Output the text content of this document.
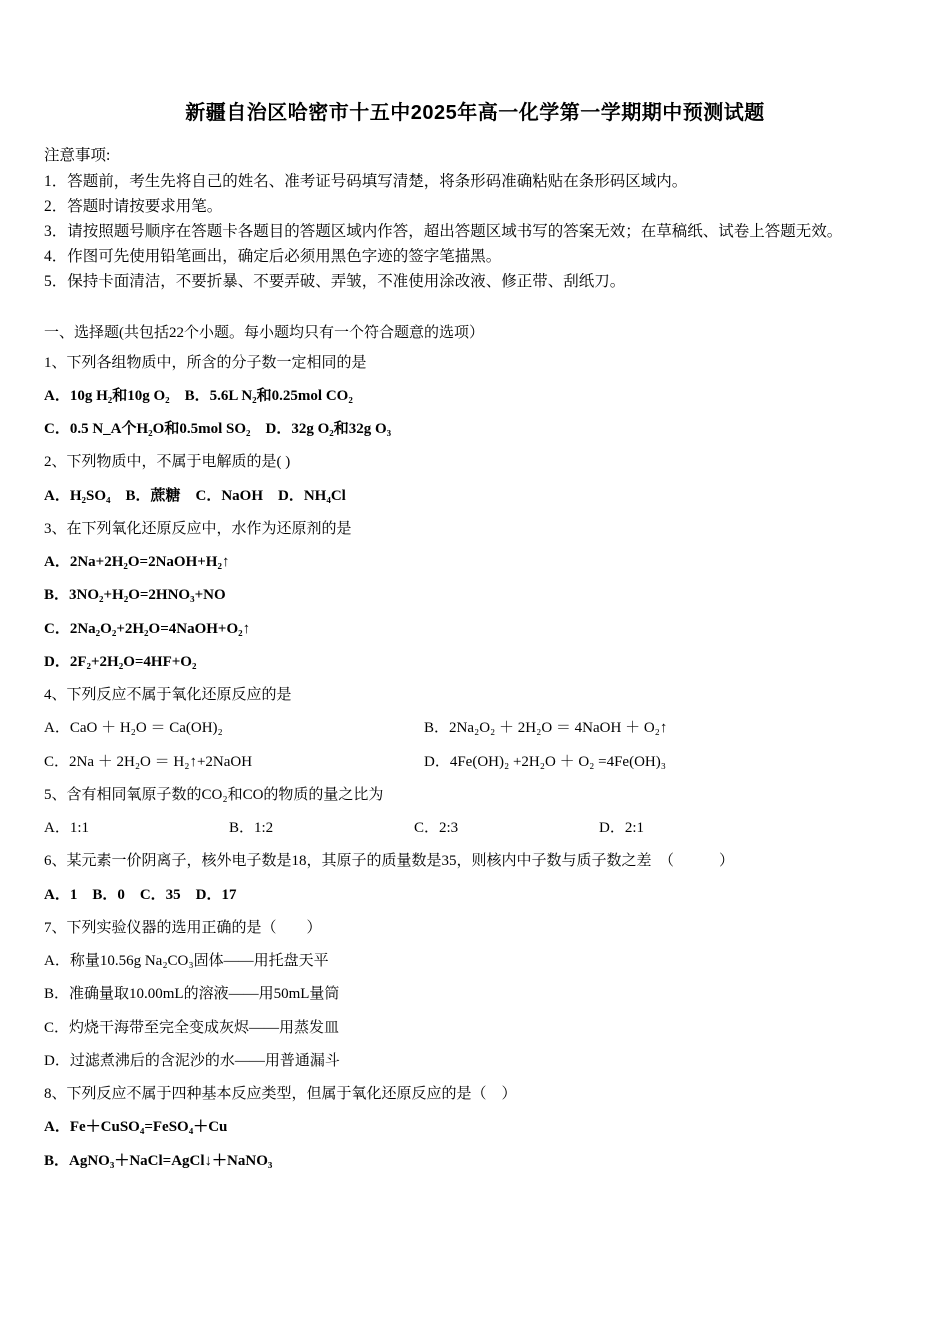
新疆自治区哈密市十五中2025年高一化学第一学期期中预测试题
注意事项:
1．答题前，考生先将自己的姓名、准考证号码填写清楚，将条形码准确粘贴在条形码区域内。
2．答题时请按要求用笔。
3．请按照题号顺序在答题卡各题目的答题区域内作答，超出答题区域书写的答案无效；在草稿纸、试卷上答题无效。
4．作图可先使用铅笔画出，确定后必须用黑色字迹的签字笔描黑。
5．保持卡面清洁，不要折暴、不要弄破、弄皱，不准使用涂改液、修正带、刮纸刀。
一、选择题(共包括22个小题。每小题均只有一个符合题意的选项）
1、下列各组物质中，所含的分子数一定相同的是
A．10g H₂和10g O₂　B．5.6L N₂和0.25mol CO₂
C．0.5 N_A个H₂O和0.5mol SO₂　D．32g O₂和32g O₃
2、下列物质中，不属于电解质的是( )
A．H₂SO₄　B．蔗糖　C．NaOH　D．NH₄Cl
3、在下列氧化还原反应中，水作为还原剂的是
A．2Na+2H₂O=2NaOH+H₂↑
B．3NO₂+H₂O=2HNO₃+NO
C．2Na₂O₂+2H₂O=4NaOH+O₂↑
D．2F₂+2H₂O=4HF+O₂
4、下列反应不属于氧化还原反应的是
A．CaO ＋ H₂O ＝ Ca(OH)₂	B．2Na₂O₂ ＋ 2H₂O ＝ 4NaOH ＋ O₂↑
C．2Na ＋ 2H₂O ＝ H₂↑+2NaOH	D．4Fe(OH)₂ +2H₂O ＋ O₂ =4Fe(OH)₃
5、含有相同氧原子数的CO₂和CO的物质的量之比为
A．1:1	B．1:2	C．2:3	D．2:1
6、某元素一价阴离子，核外电子数是18，其原子的质量数是35，则核内中子数与质子数之差　（　　　）
A．1　B．0　C．35　D．17
7、下列实验仪器的选用正确的是（　　）
A．称量10.56g Na₂CO₃固体——用托盘天平
B．准确量取10.00mL的溶液——用50mL量筒
C．灼烧干海带至完全变成灰烬——用蒸发皿
D．过滤煮沸后的含泥沙的水——用普通漏斗
8、下列反应不属于四种基本反应类型，但属于氧化还原反应的是（　）
A．Fe＋CuSO₄=FeSO₄＋Cu
B．AgNO₃＋NaCl=AgCl↓＋NaNO₃
